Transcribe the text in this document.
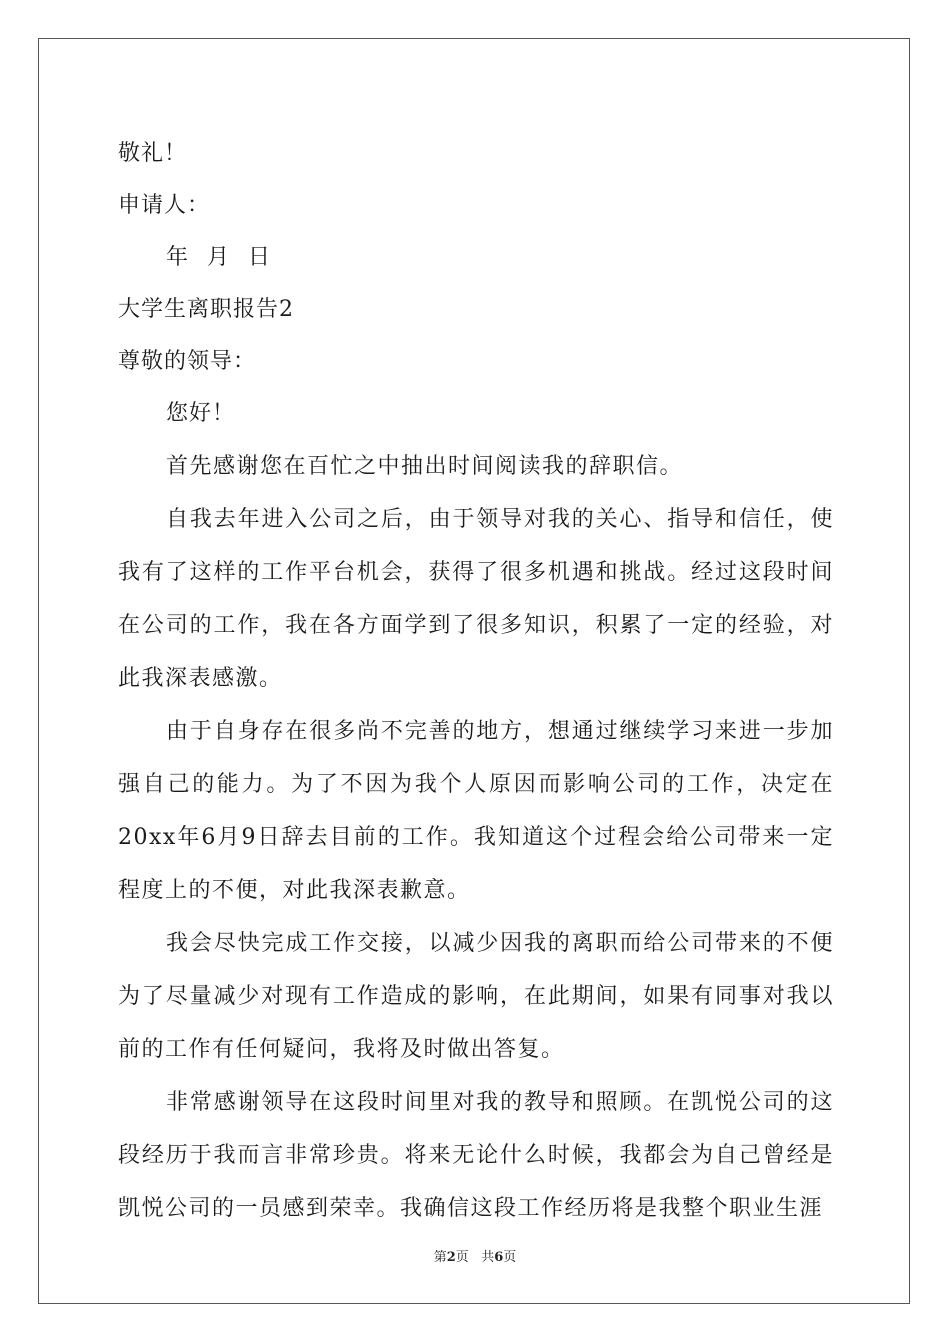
敬礼！
申请人：
年 月 日
大学生离职报告2
尊敬的领导：
您好！

首先感谢您在百忙之中抽出时间阅读我的辞职信。

自我去年进入公司之后，由于领导对我的关心、指导和信任，使我有了这样的工作平台机会，获得了很多机遇和挑战。经过这段时间在公司的工作，我在各方面学到了很多知识，积累了一定的经验，对此我深表感激。

由于自身存在很多尚不完善的地方，想通过继续学习来进一步加强自己的能力。为了不因为我个人原因而影响公司的工作，决定在20xx年6月9日辞去目前的工作。我知道这个过程会给公司带来一定程度上的不便，对此我深表歉意。

我会尽快完成工作交接，以减少因我的离职而给公司带来的不便为了尽量减少对现有工作造成的影响，在此期间，如果有同事对我以前的工作有任何疑问，我将及时做出答复。

非常感谢领导在这段时间里对我的教导和照顾。在凯悦公司的这段经历于我而言非常珍贵。将来无论什么时候，我都会为自己曾经是凯悦公司的一员感到荣幸。我确信这段工作经历将是我整个职业生涯

第2页 共6页
